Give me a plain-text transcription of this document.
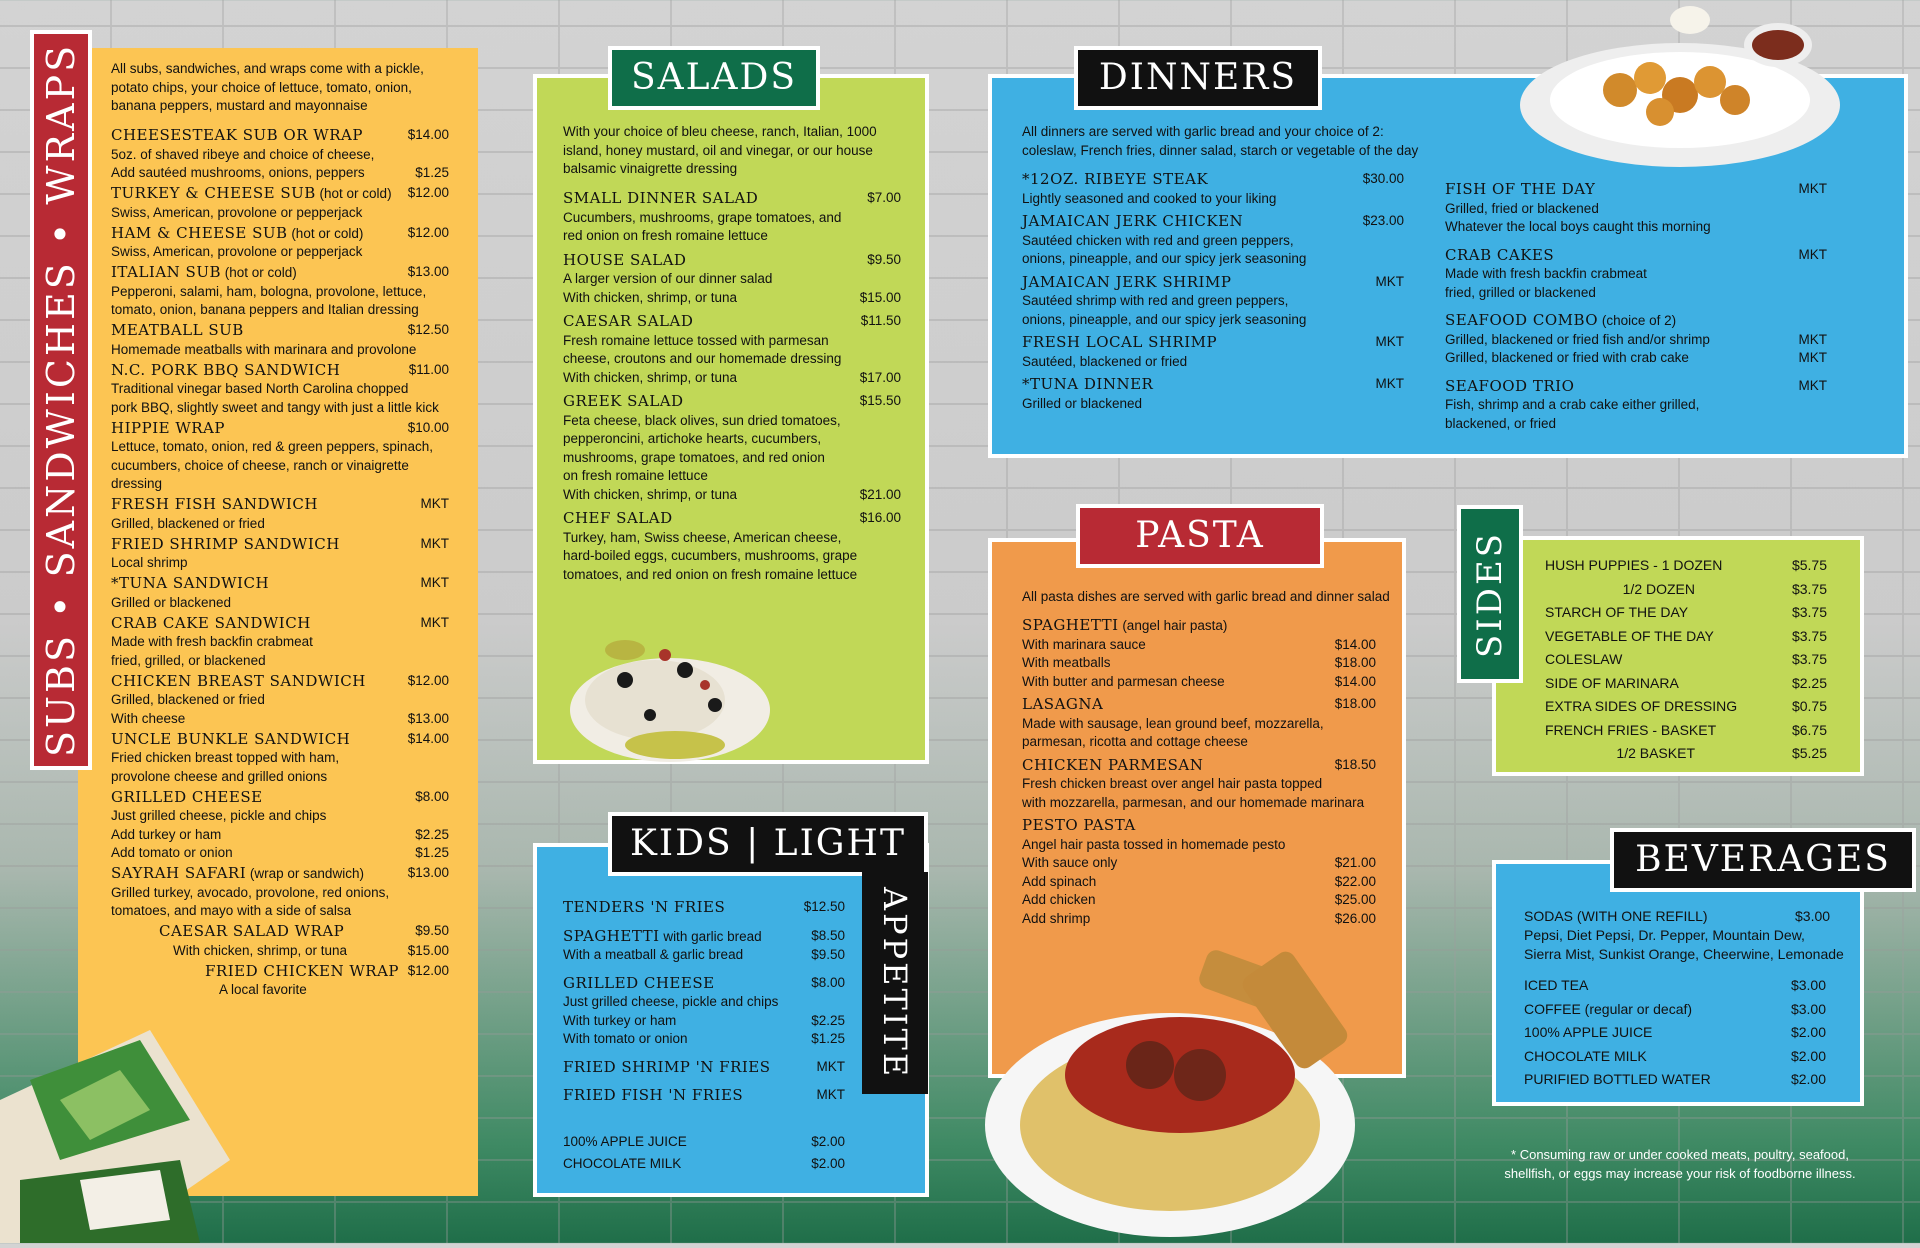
SUBS • SANDWICHES • WRAPS	All subs, sandwiches, and wraps come with a pickle, potato chips, your choice of lettuce, tomato, onion, banana peppers, mustard and mayonnaise
CHEESESTEAK SUB OR WRAP	$14.00
5oz. of shaved ribeye and choice of cheese,
Add sautéed mushrooms, onions, peppers	$1.25
TURKEY & CHEESE SUB (hot or cold) $12.00
Swiss, American, provolone or pepperjack
HAM & CHEESE SUB (hot or cold)	$12.00
Swiss, American, provolone or pepperjack
ITALIAN SUB (hot or cold)	$13.00
Pepperoni, salami, ham, bologna, provolone, lettuce,
tomato, onion, banana peppers and Italian dressing
MEATBALL SUB	$12.50
Homemade meatballs with marinara and provolone
N.C. PORK BBQ SANDWICH	$11.00
Traditional vinegar based North Carolina chopped
pork BBQ, slightly sweet and tangy with just a little kick
HIPPIE WRAP	$10.00
Lettuce, tomato, onion, red & green peppers, spinach,
cucumbers, choice of cheese, ranch or vinaigrette dressing
FRESH FISH SANDWICH	MKT
Grilled, blackened or fried
FRIED SHRIMP SANDWICH	MKT
Local shrimp
*TUNA SANDWICH	MKT
Grilled or blackened
CRAB CAKE SANDWICH	MKT
Made with fresh backfin crabmeat
fried, grilled, or blackened
CHICKEN BREAST SANDWICH	$12.00
Grilled, blackened or fried
With cheese	$13.00
UNCLE BUNKLE SANDWICH	$14.00
Fried chicken breast topped with ham,
provolone cheese and grilled onions
GRILLED CHEESE	$8.00
Just grilled cheese, pickle and chips
Add turkey or ham	$2.25
Add tomato or onion	$1.25
SAYRAH SAFARI (wrap or sandwich)	$13.00
Grilled turkey, avocado, provolone, red onions,
tomatoes, and mayo with a side of salsa
CAESAR SALAD WRAP	$9.50
With chicken, shrimp, or tuna	$15.00
FRIED CHICKEN WRAP $12.00
A local favorite
SALADS
With your choice of bleu cheese, ranch, Italian, 1000 island, honey mustard, oil and vinegar, or our house balsamic vinaigrette dressing
SMALL DINNER SALAD	$7.00
Cucumbers, mushrooms, grape tomatoes, and
red onion on fresh romaine lettuce
HOUSE SALAD	$9.50
A larger version of our dinner salad
With chicken, shrimp, or tuna	$15.00
CAESAR SALAD	$11.50
Fresh romaine lettuce tossed with parmesan
cheese, croutons and our homemade dressing
With chicken, shrimp, or tuna	$17.00
GREEK SALAD	$15.50
Feta cheese, black olives, sun dried tomatoes,
pepperoncini, artichoke hearts, cucumbers,
mushrooms, grape tomatoes, and red onion
on fresh romaine lettuce
With chicken, shrimp, or tuna	$21.00
CHEF SALAD	$16.00
Turkey, ham, Swiss cheese, American cheese,
hard-boiled eggs, cucumbers, mushrooms, grape
tomatoes, and red onion on fresh romaine lettuce
KIDS | LIGHT
APPETITE
TENDERS 'N FRIES	$12.50
SPAGHETTI with garlic bread	$8.50
With a meatball & garlic bread	$9.50
GRILLED CHEESE	$8.00
Just grilled cheese, pickle and chips
With turkey or ham	$2.25
With tomato or onion	$1.25
FRIED SHRIMP 'N FRIES	MKT
FRIED FISH 'N FRIES	MKT
100% APPLE JUICE	$2.00
CHOCOLATE MILK	$2.00
DINNERS
All dinners are served with garlic bread and your choice of 2: coleslaw, French fries, dinner salad, starch or vegetable of the day
*12OZ. RIBEYE STEAK	$30.00
Lightly seasoned and cooked to your liking
JAMAICAN JERK CHICKEN	$23.00
Sautéed chicken with red and green peppers,
onions, pineapple, and our spicy jerk seasoning
JAMAICAN JERK SHRIMP	MKT
Sautéed shrimp with red and green peppers,
onions, pineapple, and our spicy jerk seasoning
FRESH LOCAL SHRIMP	MKT
Sautéed, blackened or fried
*TUNA DINNER	MKT
Grilled or blackened
FISH OF THE DAY	MKT
Grilled, fried or blackened
Whatever the local boys caught this morning
CRAB CAKES	MKT
Made with fresh backfin crabmeat
fried, grilled or blackened
SEAFOOD COMBO (choice of 2)
Grilled, blackened or fried fish and/or shrimp	MKT
Grilled, blackened or fried with crab cake	MKT
SEAFOOD TRIO	MKT
Fish, shrimp and a crab cake either grilled,
blackened, or fried
PASTA
All pasta dishes are served with garlic bread and dinner salad
SPAGHETTI (angel hair pasta)
With marinara sauce	$14.00
With meatballs	$18.00
With butter and parmesan cheese	$14.00
LASAGNA	$18.00
Made with sausage, lean ground beef, mozzarella,
parmesan, ricotta and cottage cheese
CHICKEN PARMESAN	$18.50
Fresh chicken breast over angel hair pasta topped
with mozzarella, parmesan, and our homemade marinara
PESTO PASTA
Angel hair pasta tossed in homemade pesto
With sauce only	$21.00
Add spinach	$22.00
Add chicken	$25.00
Add shrimp	$26.00
SIDES	HUSH PUPPIES - 1 DOZEN	$5.75
1/2 DOZEN	$3.75
STARCH OF THE DAY	$3.75
VEGETABLE OF THE DAY	$3.75
COLESLAW	$3.75
SIDE OF MARINARA	$2.25
EXTRA SIDES OF DRESSING	$0.75
FRENCH FRIES - BASKET	$6.75
1/2 BASKET	$5.25
BEVERAGES
SODAS (WITH ONE REFILL)	$3.00
Pepsi, Diet Pepsi, Dr. Pepper, Mountain Dew,
Sierra Mist, Sunkist Orange, Cheerwine, Lemonade
ICED TEA	$3.00
COFFEE (regular or decaf)	$3.00
100% APPLE JUICE	$2.00
CHOCOLATE MILK	$2.00
PURIFIED BOTTLED WATER	$2.00
* Consuming raw or under cooked meats, poultry, seafood,
shellfish, or eggs may increase your risk of foodborne illness.
